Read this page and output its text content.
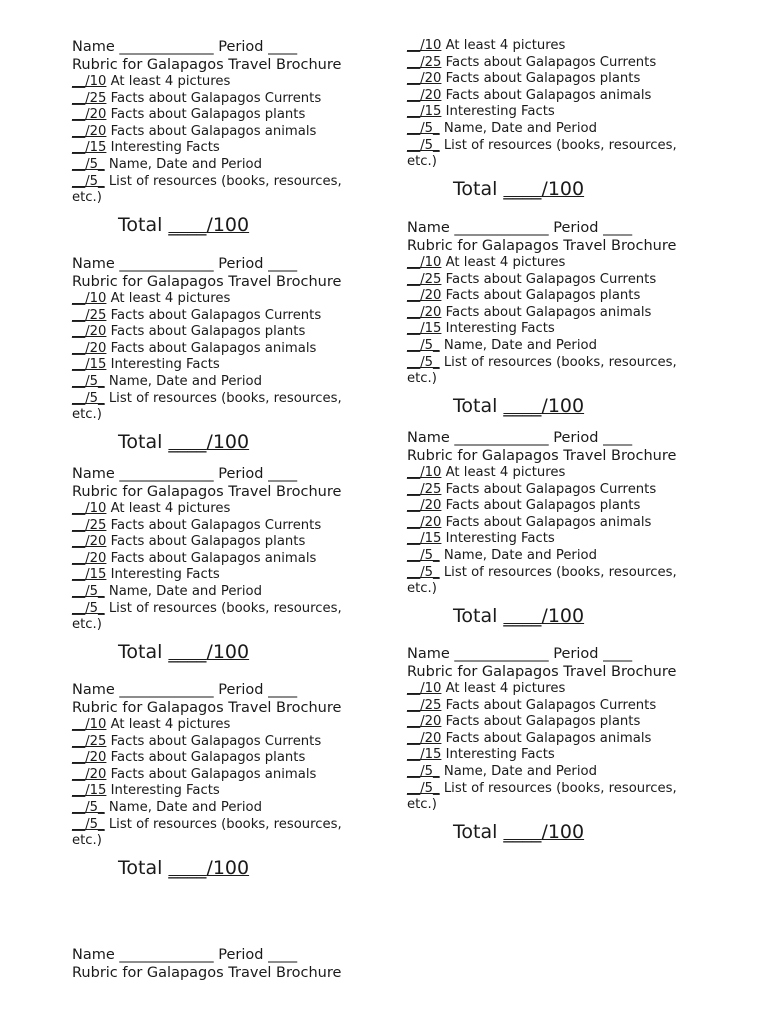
Name _____________ Period ____
Rubric for Galapagos Travel Brochure
__/10 At least 4 pictures
__/25 Facts about Galapagos Currents
__/20 Facts about Galapagos plants
__/20 Facts about Galapagos animals
__/15 Interesting Facts
__/5_ Name, Date and Period
__/5_ List of resources (books, resources, etc.)
Total ____/100
Name _____________ Period ____
Rubric for Galapagos Travel Brochure
__/10 At least 4 pictures
__/25 Facts about Galapagos Currents
__/20 Facts about Galapagos plants
__/20 Facts about Galapagos animals
__/15 Interesting Facts
__/5_ Name, Date and Period
__/5_ List of resources (books, resources, etc.)
Total ____/100
Name _____________ Period ____
Rubric for Galapagos Travel Brochure
__/10 At least 4 pictures
__/25 Facts about Galapagos Currents
__/20 Facts about Galapagos plants
__/20 Facts about Galapagos animals
__/15 Interesting Facts
__/5_ Name, Date and Period
__/5_ List of resources (books, resources, etc.)
Total ____/100
Name _____________ Period ____
Rubric for Galapagos Travel Brochure
__/10 At least 4 pictures
__/25 Facts about Galapagos Currents
__/20 Facts about Galapagos plants
__/20 Facts about Galapagos animals
__/15 Interesting Facts
__/5_ Name, Date and Period
__/5_ List of resources (books, resources, etc.)
Total ____/100
Name _____________ Period ____
Rubric for Galapagos Travel Brochure
__/10 At least 4 pictures
__/25 Facts about Galapagos Currents
__/20 Facts about Galapagos plants
__/20 Facts about Galapagos animals
__/15 Interesting Facts
__/5_ Name, Date and Period
__/5_ List of resources (books, resources, etc.)
Total ____/100
Name _____________ Period ____
Rubric for Galapagos Travel Brochure
__/10 At least 4 pictures
__/25 Facts about Galapagos Currents
__/20 Facts about Galapagos plants
__/20 Facts about Galapagos animals
__/15 Interesting Facts
__/5_ Name, Date and Period
__/5_ List of resources (books, resources, etc.)
Total ____/100
Name _____________ Period ____
Rubric for Galapagos Travel Brochure
__/10 At least 4 pictures
__/25 Facts about Galapagos Currents
__/20 Facts about Galapagos plants
__/20 Facts about Galapagos animals
__/15 Interesting Facts
__/5_ Name, Date and Period
__/5_ List of resources (books, resources, etc.)
Total ____/100
Name _____________ Period ____
Rubric for Galapagos Travel Brochure
__/10 At least 4 pictures
__/25 Facts about Galapagos Currents
__/20 Facts about Galapagos plants
__/20 Facts about Galapagos animals
__/15 Interesting Facts
__/5_ Name, Date and Period
__/5_ List of resources (books, resources, etc.)
Total ____/100
